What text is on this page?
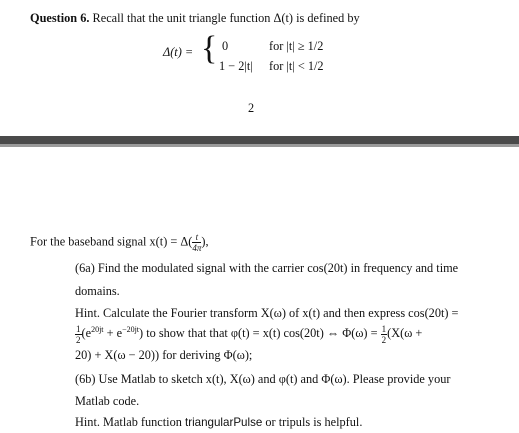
Question 6. Recall that the unit triangle function Δ(t) is defined by
Δ(t) = { 0	for |t| ≥ 1/2
1 − 2|t| for |t| < 1/2
2
For the baseband signal $x(t) = \Delta( \frac{t}{4\pi}$ ),
(6a) Find the modulated signal with the carrier cos(20t) in frequency and time
domains.
Hint. Calculate the Fourier transform X(ω) of x(t) and then express cos(20t) =
$\frac{1}{2} (e^{20jt} + e^{-20jt})$ to show that that φ(t) = x(t) cos(20t) ⇔ $\Phi(\omega) = \frac{1}{2} (X(\omega$ +
20) + X(ω − 20)) for deriving Φ(ω);
(6b) Use Matlab to sketch x(t), X(ω) and φ(t) and Φ(ω). Please provide your
Matlab code.
Hint. Matlab function triangularPulse or tripuls is helpful.
